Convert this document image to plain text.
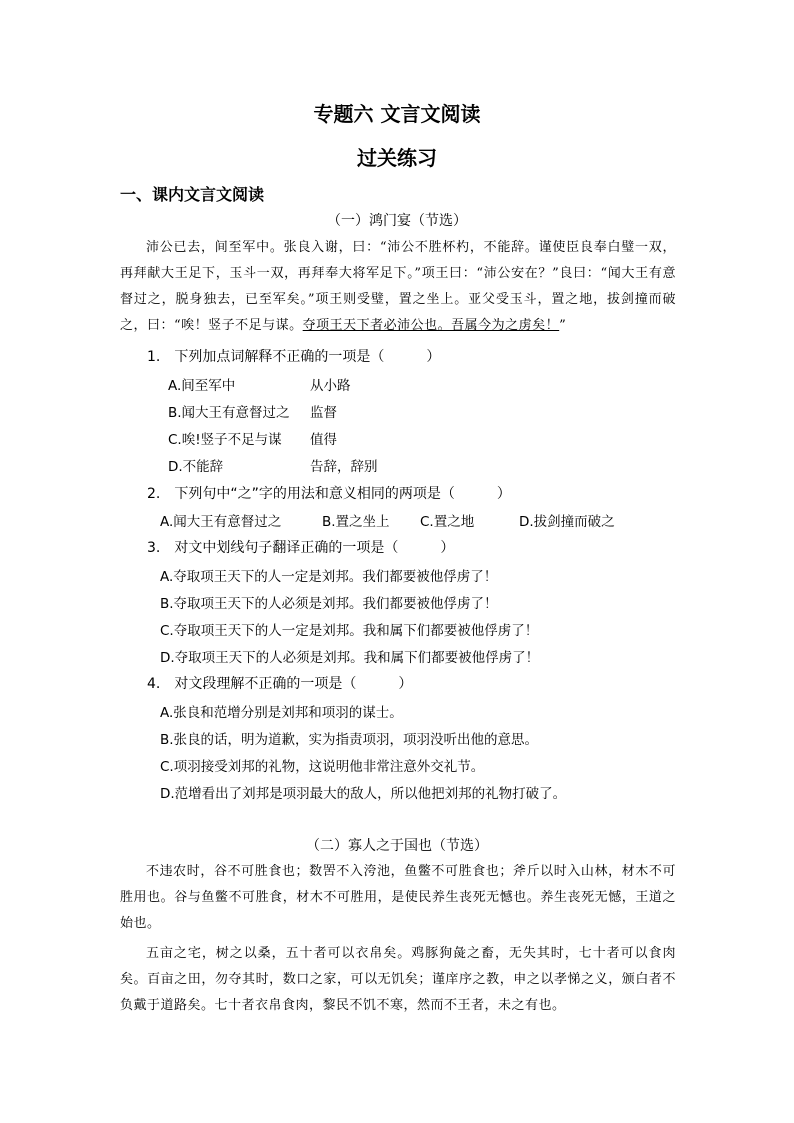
专题六 文言文阅读
过关练习
一、课内文言文阅读
（一）鸿门宴（节选）
沛公已去，间至军中。张良入谢，曰：“沛公不胜杯杓，不能辞。谨使臣良奉白璧一双，再拜献大王足下，玉斗一双，再拜奉大将军足下。”项王曰：“沛公安在？”良曰：“闻大王有意督过之，脱身独去，已至军矣。”项王则受璧，置之坐上。亚父受玉斗，置之地，拔剑撞而破之，曰：“唉！竖子不足与谋。夺项王天下者必沛公也。吾属今为之虏矣！”
1.　下列加点词解释不正确的一项是（　　　）
A.间至军中	从小路
B.闻大王有意督过之 监督
C.唉!竖子不足与谋 值得
D.不能辞	告辞，辞别
2.　下列句中“之”字的用法和意义相同的两项是（　　　）
A.闻大王有意督过之	B.置之坐上 C.置之地	D.拔剑撞而破之
3.　对文中划线句子翻译正确的一项是（　　　）
A.夺取项王天下的人一定是刘邦。我们都要被他俘虏了！
B.夺取项王天下的人必须是刘邦。我们都要被他俘虏了！
C.夺取项王天下的人一定是刘邦。我和属下们都要被他俘虏了！
D.夺取项王天下的人必须是刘邦。我和属下们都要被他俘虏了！
4.　对文段理解不正确的一项是（　　　）
A.张良和范增分别是刘邦和项羽的谋士。
B.张良的话，明为道歉，实为指责项羽，项羽没听出他的意思。
C.项羽接受刘邦的礼物，这说明他非常注意外交礼节。
D.范增看出了刘邦是项羽最大的敌人，所以他把刘邦的礼物打破了。
（二）寡人之于国也（节选）
不违农时，谷不可胜食也；数罟不入洿池，鱼鳖不可胜食也；斧斤以时入山林，材木不可胜用也。谷与鱼鳖不可胜食，材木不可胜用，是使民养生丧死无憾也。养生丧死无憾，王道之始也。
五亩之宅，树之以桑，五十者可以衣帛矣。鸡豚狗彘之畜，无失其时，七十者可以食肉矣。百亩之田，勿夺其时，数口之家，可以无饥矣；谨庠序之教，申之以孝悌之义，颁白者不负戴于道路矣。七十者衣帛食肉，黎民不饥不寒，然而不王者，未之有也。
